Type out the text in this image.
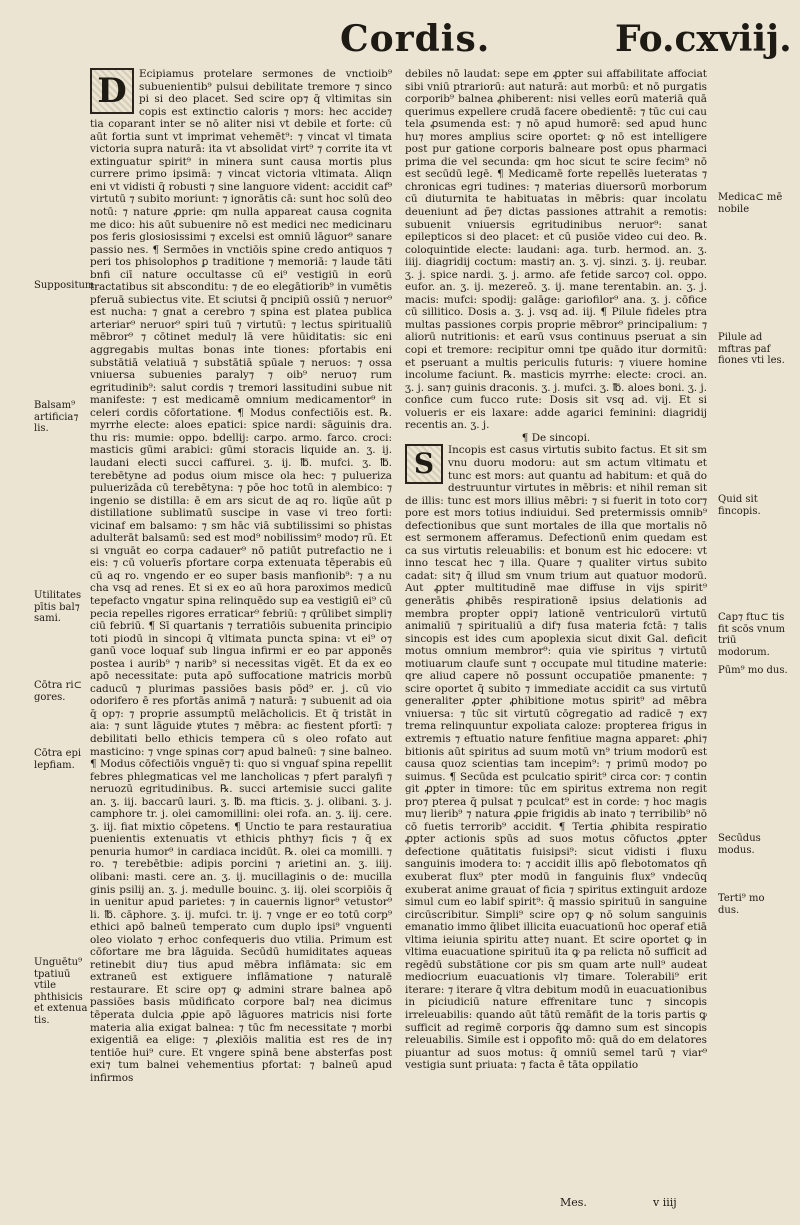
Cordis.	Fo.cxviij.
D	Ecipiamus protelare sermones de vnctioib⁹ subuenientib⁹ pulsui debilitate tremore ⁊ sinco pi si deo placet. Sed scire op⁊ q̄ vltimitas sin copis est extinctio caloris ⁊ mors: hec accide⁊ tia coparant inter se nō aliter nisi vt debile et forte: cū aūt fortia sunt vt imprimat vehemēt⁹: ⁊ vincat vl timata victoria supra naturā: ita vt absolidat virt⁹ ⁊ corrite ita vt extinguatur spirit⁹ in minera sunt causa mortis plus currere primo ipsimā: ⁊ vincat victoria vltimata. Aliqn eni vt vidisti q̄ robusti ⁊ sine languore vident: accidit caf⁹ virtutū ⁊ subito moriunt: ⁊ ignorātis cā: sunt hoc solū deo notū: ⁊ nature ꝓprie: qm nulla appareat causa cognita me dico: his aūt subuenire nō est medici nec medicinaru pos feris glosiosissimi ⁊ excelsi est omniū lāguor⁹ sanare passio nes. ¶ Sermōes in vnctiōis spine credo antiquos ⁊ peri tos phisolophos ꝑ traditione ⁊ memoriā: ⁊ laude tāti bnfi ciī nature occultasse cū ei⁹ vestigiū in eorū tractatibus sit absconditu: ⁊ de eo elegātiorib⁹ in vumētis pferuā subiectus vite. Et sciutsi q̄ pncipiū ossiū ⁊ neruor⁹ est nucha: ⁊ gnat a cerebro ⁊ spina est platea publica arteriar⁹ neruor⁹ spiri tuū ⁊ virtutū: ⁊ lectus spiritualiū mēbror⁹ ⁊ cōtinet medul⁊ lā vere hūiditatis: sic eni aggregabis multas bonas inte tiones: pfortabis eni substātiā velatiuā ⁊ substātiā spūale ⁊ neruos: ⁊ ossa vniuersa subuenies paraly⁊ ⁊ oib⁹ neruo⁊ rum egritudinib⁹: salut cordis ⁊ tremori lassitudini subue nit manifeste: ⁊ est medicamē omnium medicamentor⁹ in celeri cordis cōfortatione. ¶ Modus confectiōis est. ℞. myrrhe electe: aloes epatici: spice nardi: sāguinis dra. thu ris: mumie: oppo. bdellij: carpo. armo. farco. croci: masticis gūmi arabici: gūmi storacis liquide an. ʒ. ij. laudani electi succi caffurei. ʒ. ij. ℔. mufci. ʒ. ℔. terebētyne ad podus oium misce ola hec: ⁊ pulueriza puluerizāda cū terebētyna: ⁊ pōe hoc totū in alembico: ⁊ ingenio se distilla: ē em ars sicut de aq ro. liqūe aūt p distillatione sublimatū suscipe in vase vi treo forti: vicinaf em balsamo: ⁊ sm hāc viā subtilissimi so phistas adulterāt balsamū: sed est mod⁹ nobilissim⁹ modo⁊ rū. Et si vnguāt eo corpa cadauer⁹ nō patiūt putrefactio ne i eis: ⁊ cū voluerīs pfortare corpa extenuata tēperabis eū cū aq ro. vngendo er eo super basis manfionib⁹: ⁊ a nu cha vsq ad renes. Et si ex eo aū hora paroximos medicū tepefacto vngatur spina relinquēdo sup ea vestigiū ei⁹ cū pecia repelles rigores erraticar⁹ febriū: ⁊ qrūlibet simpli⁊ ciū febriū. ¶ Sī quartanis ⁊ terratiōis subuenita principio toti piodū in sincopi q̄ vltimata puncta spina: vt ei⁹ o⁊ ganū voce loquaf sub lingua infirmi er eo par apponēs postea i aurib⁹ ⁊ narib⁹ si necessitas vigēt. Et da ex eo apō necessitate: puta apō suffocatione matricis morbū caducū ⁊ plurimas passiōes basis pōd⁹ er. j. cū vio odorifero ē res pfortās animā ⁊ naturā: ⁊ subuenit ad oia q̄ op⁊: ⁊ proprie assumptū melācholicis. Et q̄ tristāt in aia: ⁊ sunt lāguide ꝟtutes ⁊ mēbra: ac fiestent pfortī: ⁊ debilitati bello ethicis tempera cū s oleo rofato aut masticino: ⁊ vnge spinas cor⁊ apud balneū: ⁊ sine balneo. ¶ Modus cōfectiōis vnguē⁊ ti: quo si vnguaf spina repellit febres phlegmaticas vel me lancholicas ⁊ pfert paralyfi ⁊ neruozū egritudinibus. ℞. succi artemisie succi galite an. ʒ. iij. baccarū lauri. ʒ. ℔. ma fticis. ʒ. j. olibani. ʒ. j. camphore tr. j. olei camomillini: olei rofa. an. ʒ. iij. cere. ʒ. iij. fiat mixtio cōpetens. ¶ Unctio te para restauratiua puenientis extenuatis vt ethicis phthy⁊ ficis ⁊ q̄ ex penuria humor⁹ in cardiaca incidūt. ℞. olei ca momilli. ⁊ ro. ⁊ terebētbie: adipis porcini ⁊ arietini an. ʒ. iiij. olibani: masti. cere an. ʒ. ij. mucillaginis o de: mucilla ginis psilij an. ʒ. j. medulle bouinc. ʒ. iij. olei scorpiōis q̄ in uenitur apud parietes: ⁊ in cauernis lignor⁹ vetustor⁹ li. ℔. cāphore. ʒ. ij. mufci. tr. ij. ⁊ vnge er eo totū corp⁹ ethici apō balneū temperato cum duplo ipsi⁹ vnguenti oleo violato ⁊ erhoc confequeris duo vtilia. Primum est cōfortare me bra lāguida. Secūdū humiditates aqueas retinebit diu⁊ tius apud mēbra inflāmata: sic em extraneū est extiguere inflāmatione ⁊ naturalē restaurare. Et scire op⁊ ꝙ admini strare balnea apō passiōes basis mūdificato corpore bal⁊ nea dicimus tēperata dulcia ꝓpie apō lāguores matricis nisi forte materia alia exigat balnea: ⁊ tūc fm necessitate ⁊ morbi exigentiā ea elige: ⁊ ꝓlexiōis malitia est res de in⁊ tentiōe hui⁹ cure. Et vngere spinā bene absterfas post exi⁊ tum balnei vehementius pfortat: ⁊ balneū apud infirmos

debiles nō laudat: sepe em ꝓpter sui affabilitate affociat sibi vniū ptrariorū: aut naturā: aut morbū: et nō purgatis corporib⁹ balnea ꝓhiberent: nisi velles eorū materiā quā querimus expellere crudā facere obedientē: ⁊ tūc cui cau tela ꝓsumenda est: ⁊ nō apud humorē: sed apud hunc hu⁊ mores amplius scire oportet: ꝙ nō est intelligere post pur gatione corporis balneare post opus pharmaci prima die vel secunda: qm hoc sicut te scire fecim⁹ nō est secūdū legē. ¶ Medicamē forte repellēs lueteratas ⁊ chronicas egri tudines: ⁊ materias diuersorū morborum cū diuturnita te habituatas in mēbris: quar incolatu deueniunt ad p̄e⁊ dictas passiones attrahit a remotis: subuenit vniuersis egritudinibus neruor⁹: sanat epilepticos si deo placet: et cū pusiōe video cui deo. ℞. coloquintide electe: laudani: aga. turb. hermod. an. ʒ. iiij. diagridij coctum: masti⁊ an. ʒ. vj. sinzi. ʒ. ij. reubar. ʒ. j. spice nardi. ʒ. j. armo. afe fetide sarco⁊ col. oppo. eufor. an. ʒ. ij. mezereō. ʒ. ij. mane terentabin. an. ʒ. j. macis: mufci: spodij: galāge: gariofilor⁹ ana. ʒ. j. cōfice cū sillitico. Dosis a. ʒ. j. vsq ad. iij. ¶ Pilule fideles ptra multas passiones corpis proprie mēbror⁹ principalium: ⁊ aliorū nutritionis: et earū vsus continuus pseruat a sin copi et tremore: recipitur omni tpe quādo itur dormitū: et pseruant a multis periculis futuris: ⁊ viuere homine incolume faciunt. ℞. masticis myrrhe: electe: croci. an. ʒ. j. san⁊ guinis draconis. ʒ. j. mufci. ʒ. ℔. aloes boni. ʒ. j. confice cum fucco rute: Dosis sit vsq ad. vij. Et si volueris er eis laxare: adde agarici feminini: diagridij recentis an. ʒ. j.

¶ De sincopi.

S	Incopis est casus virtutis subito factus. Et sit sm vnu duoru modoru: aut sm actum vltimatu et tunc est mors: aut quantu ad habitum: et quā do destruuntur virtutes in mēbris: et nihil reman sit de illis: tunc est mors illius mēbri: ⁊ si fuerit in toto cor⁊ pore est mors totius indiuidui. Sed pretermissis omnib⁹ defectionibus que sunt mortales de illa que mortalis nō est sermonem afferamus. Defectionū enim quedam est ca sus virtutis releuabilis: et bonum est hic edocere: vt inno tescat hec ⁊ illa. Quare ⁊ qualiter virtus subito cadat: sit⁊ q̄ illud sm vnum trium aut quatuor modorū. Aut ꝓpter multitudinē mae diffuse in vijs spirit⁹ generātis ꝓhibēs respirationē ipsius delationis ad membra propter oppi⁊ lationē ventriculorū virtutū animaliū ⁊ spiritualiū a dif⁊ fusa materia fctā: ⁊ talis sincopis est ides cum apoplexia sicut dixit Gal. deficit motus omnium membror⁹: quia vie spiritus ⁊ virtutū motiuarum claufe sunt ⁊ occupate mul titudine materie: qre aliud capere nō possunt occupatiōe pmanente: ⁊ scire oportet q̄ subito ⁊ immediate accidit ca sus virtutū generaliter ꝓpter ꝓhibitione motus spirit⁹ ad mēbra vniuersa: ⁊ tūc sit virtutū cōgregatio ad radicē ⁊ ex⁊ trema relinquuntur expoliata caloze: propterea frigus in extremis ⁊ eftuatio nature fenfitiue magna apparet: ꝓhi⁊ bitionis aūt spiritus ad suum motū vn⁹ trium modorū est causa quoz scientias tam incepim⁹: ⁊ primū modo⁊ po suimus. ¶ Secūda est pculcatio spirit⁹ circa cor: ⁊ contin git ꝓpter in timore: tūc em spiritus extrema non regit pro⁊ pterea q̄ pulsat ⁊ pculcat⁹ est in corde: ⁊ hoc magis mu⁊ lierib⁹ ⁊ natura ꝓpie frigidis ab inato ⁊ terribilib⁹ nō cō fuetis terrorib⁹ accidit. ¶ Tertia ꝓhibita respiratio ꝓpter actionis spūs ad suos motus cōfuctos ꝓpter defectione quātitatis fuisipsi⁹: sicut vidisti i fluxu sanguinis imodera to: ⁊ accidit illis apō flebotomatos qn̄ exuberat flux⁹ pter modū in fanguinis flux⁹ vndecūq exuberat anime grauat of ficia ⁊ spiritus extinguit ardoze simul cum eo labif spirit⁹: q̄ massio spirituū in sanguine circūscribitur. Simpli⁹ scire op⁊ ꝙ nō solum sanguinis emanatio immo q̄libet illicita euacuationū hoc operaf etiā vltima ieiunia spiritu atte⁊ nuant. Et scire oportet ꝙ in vltima euacuatione spirituū ita ꝙ pa relicta nō sufficit ad regēdū substātione cor pis sm quam arte null⁹ audeat mediocrium euacuationis vl⁊ timare. Tolerabili⁹ erit iterare: ⁊ iterare q̄ vltra debitum modū in euacuationibus in piciudiciū nature effrenitare tunc ⁊ sincopis irreleuabilis: quando aūt tātū remāfit de la toris partis ꝙ sufficit ad regimē corporis q̄ꝙ damno sum est sincopis releuabilis. Simile est i oppofito mō: quā do em delatores piuantur ad suos motus: q̄ omniū semel tarū ⁊ viar⁹ vestigia sunt priuata: ⁊ facta ē tāta oppilatio

Suppositum.
Balsam⁹ artificia⁊ lis.
Utilitates pītis bal⁊ sami.
Cōtra ri⊂ gores.
Cōtra epi lepfiam.
Unguētu⁹ tpatiuū vtile phthisicis et extenua tis.
Medica⊂ mē nobile
Pilule ad mftras paf fiones vti les.
Quid sit fincopis.
Cap⁊ ftu⊂ tis fit scōs vnum triū modorum.
Pūm⁹ mo dus.
Secūdus modus.
Terti⁹ mo dus.
Mes.	v iiij
